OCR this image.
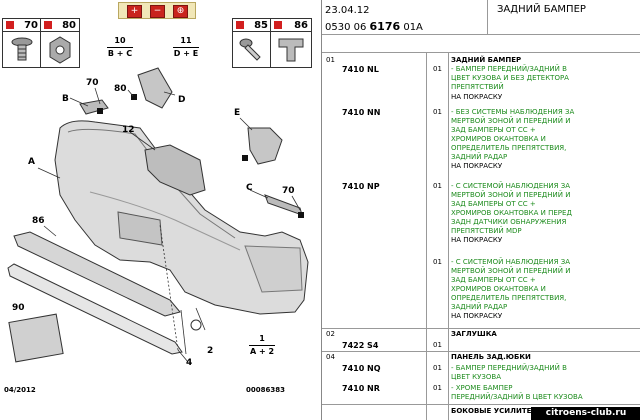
+	−	⊕
70	80	85	86
10
B + C
11
D + E
1
A + 2
70
B
80
D
12
E
A
C	70
86
90
4
2
04/2012	00086383
23.04.12
0530 06 6176 01A
ЗАДНИЙ БАМПЕР
01	ЗАДНИЙ БАМПЕР
7410 NL	01 - БАМПЕР ПЕРЕДНИЙ/ЗАДНИЙ В
ЦВЕТ КУЗОВА И БЕЗ ДЕТЕКТОРА
ПРЕПЯТСТВИЙ
НА ПОКРАСКУ
7410 NN	01 - БЕЗ СИСТЕМЫ НАБЛЮДЕНИЯ ЗА
МЕРТВОЙ ЗОНОЙ И ПЕРЕДНИЙ И
ЗАД БАМПЕРЫ ОТ СС +
ХРОМИРОВ ОКАНТОВКА И
ОПРЕДЕЛИТЕЛЬ ПРЕПЯТСТВИЯ,
ЗАДНИЙ РАДАР
НА ПОКРАСКУ
7410 NP	01 - С СИСТЕМОЙ НАБЛЮДЕНИЯ ЗА
МЕРТВОЙ ЗОНОЙ И ПЕРЕДНИЙ И
ЗАД БАМПЕРЫ ОТ СС +
ХРОМИРОВ ОКАНТОВКА И ПЕРЕД
ЗАДН ДАТЧИКИ ОБНАРУЖЕНИЯ
ПРЕПЯТСТВИЙ MDP
НА ПОКРАСКУ
01 - С СИСТЕМОЙ НАБЛЮДЕНИЯ ЗА
МЕРТВОЙ ЗОНОЙ И ПЕРЕДНИЙ И
ЗАД БАМПЕРЫ ОТ СС +
ХРОМИРОВ ОКАНТОВКА И
ОПРЕДЕЛИТЕЛЬ ПРЕПЯТСТВИЯ,
ЗАДНИЙ РАДАР
НА ПОКРАСКУ
02	ЗАГЛУШКА
7422 S4	01
04	ПАНЕЛЬ ЗАД.ЮБКИ
7410 NQ	01 - БАМПЕР ПЕРЕДНИЙ/ЗАДНИЙ В
ЦВЕТ КУЗОВА
7410 NR	01 - ХРОМЕ БАМПЕР
ПЕРЕДНИЙ/ЗАДНИЙ В ЦВЕТ КУЗОВА
БОКОВЫЕ УСИЛИТЕ	citroens-club.ru
